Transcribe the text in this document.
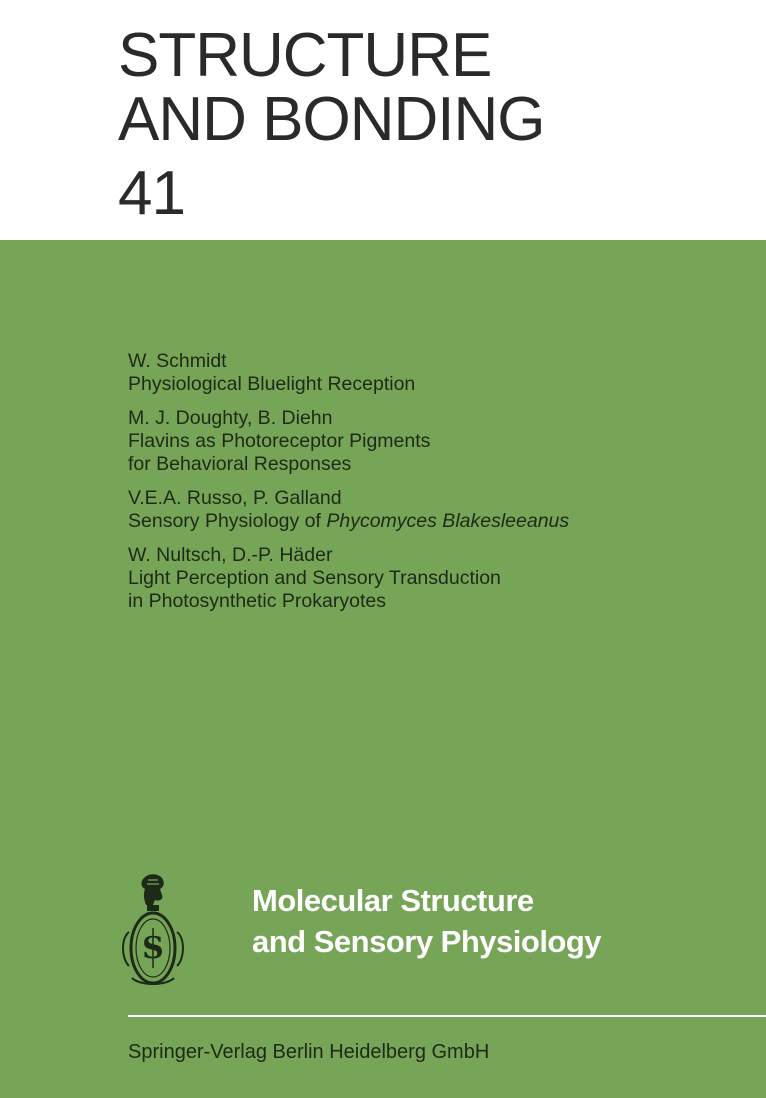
STRUCTURE
AND BONDING
41
W. Schmidt
Physiological Bluelight Reception
M. J. Doughty, B. Diehn
Flavins as Photoreceptor Pigments
for Behavioral Responses
V.E.A. Russo, P. Galland
Sensory Physiology of Phycomyces Blakesleeanus
W. Nultsch, D.-P. Häder
Light Perception and Sensory Transduction
in Photosynthetic Prokaryotes
S
Molecular Structure
and Sensory Physiology
Springer-Verlag Berlin Heidelberg GmbH
